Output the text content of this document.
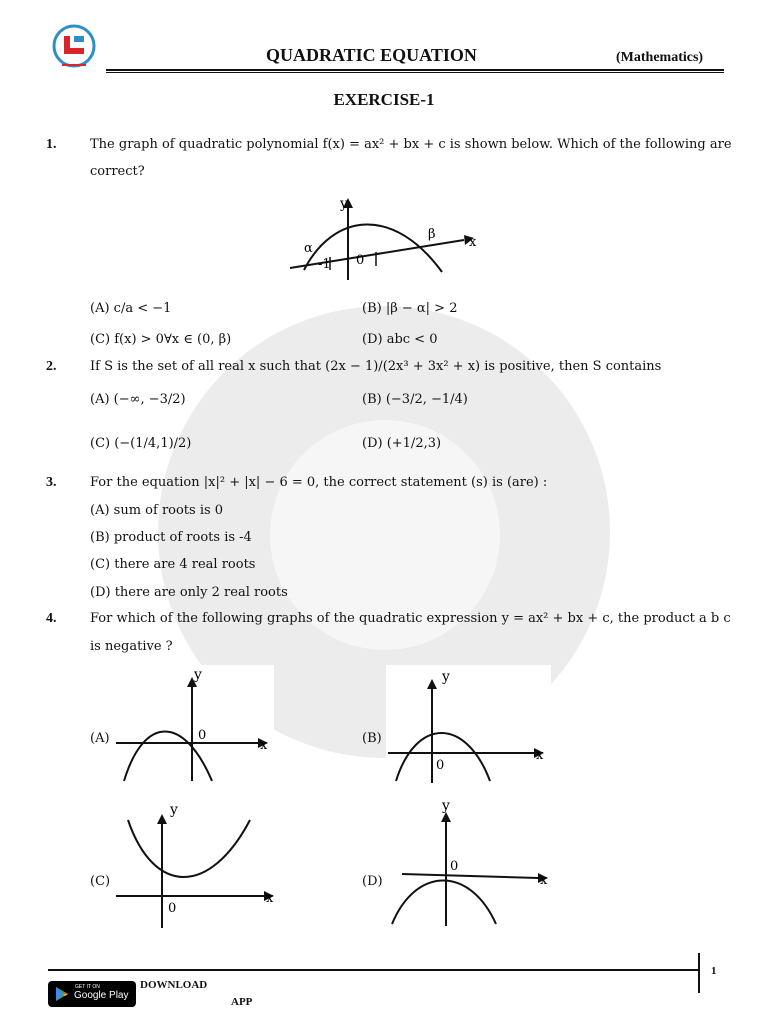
QUADRATIC EQUATION	(Mathematics)
EXERCISE-1
1.	The graph of quadratic polynomial f(x) = ax² + bx + c is shown below. Which of the following are
correct?
y
x
α
β
-1 0
(A) c/a < −1	(B) |β − α| > 2
(C) f(x) > 0∀x ∈ (0, β)	(D) abc < 0
2.	If S is the set of all real x such that (2x − 1)/(2x³ + 3x² + x) is positive, then S contains
(A) (−∞, −3/2)	(B) (−3/2, −1/4)
(C) (−(1/4,1)/2)	(D) (+1/2,3)
3.	For the equation |x|² + |x| − 6 = 0, the correct statement (s) is (are) :
(A) sum of roots is 0
(B) product of roots is -4
(C) there are 4 real roots
(D) there are only 2 real roots
4.	For which of the following graphs of the quadratic expression y = ax² + bx + c, the product a b c
is negative ?
(A)
y
0
x	(B)
y
0
x
(C)
y
0
x
(D)
y
0
x
1
GET IT ON
Google Play
DOWNLOAD
APP
